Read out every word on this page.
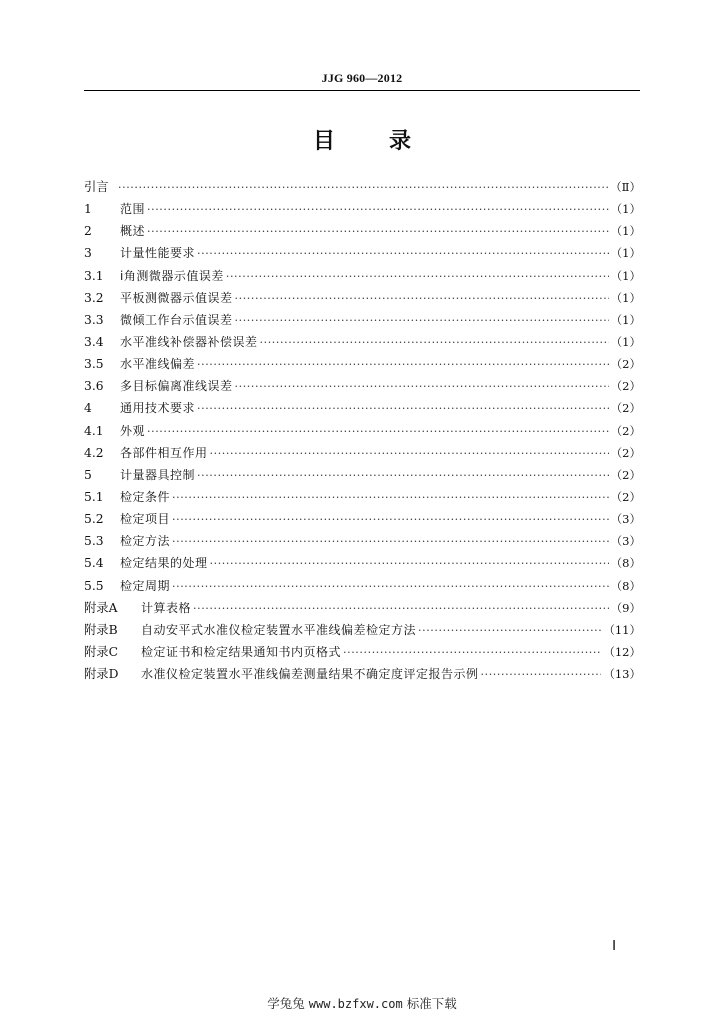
JJG 960—2012
目 录
引言 ·····	（Ⅱ）
1	范围 ·····	（1）
2	概述 ·····	（1）
3	计量性能要求 ·····	（1）
3.1	i角测微器示值误差 ·····	（1）
3.2	平板测微器示值误差 ·····	（1）
3.3	微倾工作台示值误差 ·····	（1）
3.4	水平准线补偿器补偿误差 ·····	（1）
3.5	水平准线偏差 ·····	（2）
3.6	多目标偏离准线误差 ·····	（2）
4	通用技术要求 ·····	（2）
4.1	外观 ·····	（2）
4.2	各部件相互作用 ·····	（2）
5	计量器具控制 ·····	（2）
5.1	检定条件 ·····	（2）
5.2	检定项目 ·····	（3）
5.3	检定方法 ·····	（3）
5.4	检定结果的处理 ·····	（8）
5.5	检定周期 ·····	（8）
附录A	计算表格 ·····	（9）
附录B	自动安平式水准仪检定装置水平准线偏差检定方法 ·····	（11）
附录C	检定证书和检定结果通知书内页格式 ·····	（12）
附录D	水准仪检定装置水平准线偏差测量结果不确定度评定报告示例 ·····	（13）
Ⅰ
学兔兔 www.bzfxw.com 标准下载
